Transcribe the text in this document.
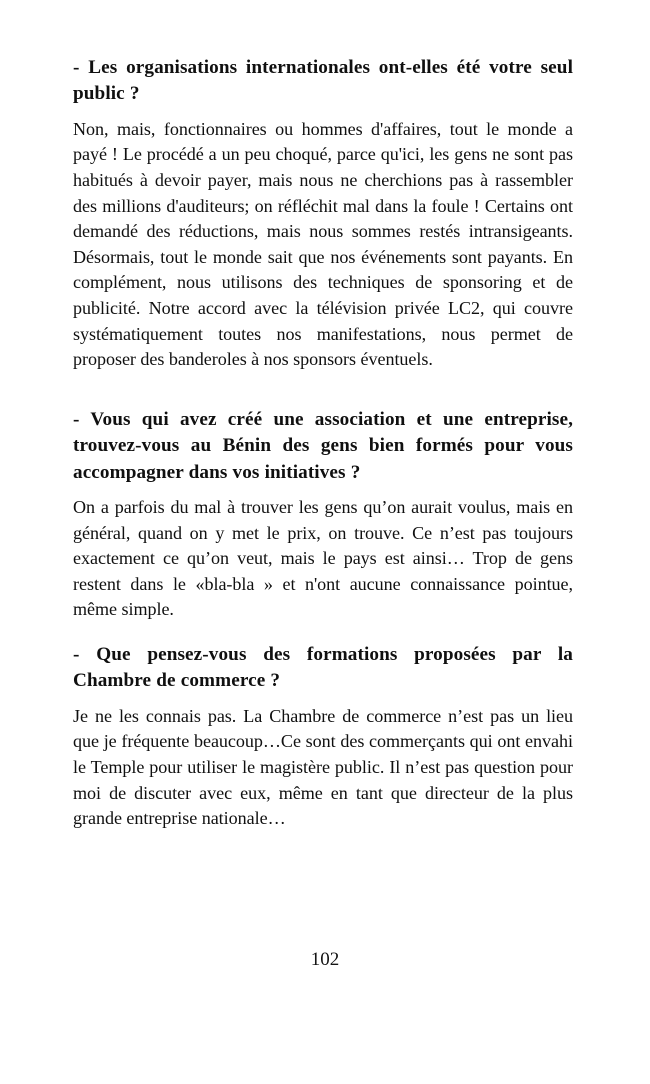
- Les organisations internationales ont-elles été votre seul public ?

Non, mais, fonctionnaires ou hommes d'affaires, tout le monde a payé ! Le procédé a un peu choqué, parce qu'ici, les gens ne sont pas habitués à devoir payer, mais nous ne cherchions pas à rassembler des millions d'auditeurs; on réfléchit mal dans la foule ! Certains ont demandé des réductions, mais nous sommes restés intransigeants. Désormais, tout le monde sait que nos événements sont payants. En complément, nous utilisons des techniques de sponsoring et de publicité. Notre accord avec la télévision privée LC2, qui couvre systématiquement toutes nos manifestations, nous permet de proposer des banderoles à nos sponsors éventuels.

- Vous qui avez créé une association et une entreprise, trouvez-vous au Bénin des gens bien formés pour vous accompagner dans vos initiatives ?

On a parfois du mal à trouver les gens qu’on aurait voulus, mais en général, quand on y met le prix, on trouve. Ce n’est pas toujours exactement ce qu’on veut, mais le pays est ainsi… Trop de gens restent dans le «bla-bla » et n'ont aucune connaissance pointue, même simple.

- Que pensez-vous des formations proposées par la Chambre de commerce ?

Je ne les connais pas. La Chambre de commerce n’est pas un lieu que je fréquente beaucoup…Ce sont des commerçants qui ont envahi le Temple pour utiliser le magistère public. Il n’est pas question pour moi de discuter avec eux, même en tant que directeur de la plus grande entreprise nationale…

102
